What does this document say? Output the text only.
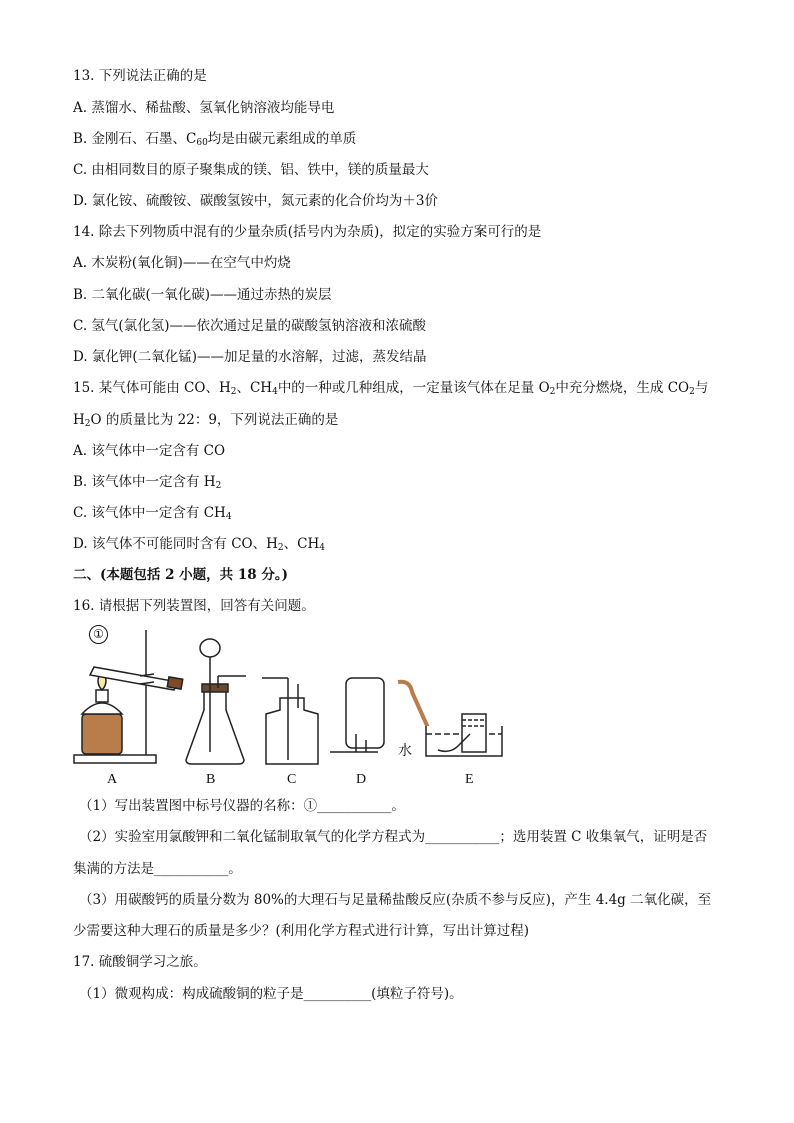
13. 下列说法正确的是
A. 蒸馏水、稀盐酸、氢氧化钠溶液均能导电
B. 金刚石、石墨、$C_{60}$均是由碳元素组成的单质
C. 由相同数目的原子聚集成的镁、铝、铁中，镁的质量最大
D. 氯化铵、硫酸铵、碳酸氢铵中，氮元素的化合价均为＋3价
14. 除去下列物质中混有的少量杂质(括号内为杂质)，拟定的实验方案可行的是
A. 木炭粉(氧化铜)——在空气中灼烧
B. 二氧化碳(一氧化碳)——通过赤热的炭层
C. 氢气(氯化氢)——依次通过足量的碳酸氢钠溶液和浓硫酸
D. 氯化钾(二氧化锰)——加足量的水溶解，过滤，蒸发结晶
15. 某气体可能由 CO、$H_2$、$CH_4$中的一种或几种组成，一定量该气体在足量 $O_2$中充分燃烧，生成 $CO_2$与
$H_2O$ 的质量比为 22：9，下列说法正确的是
A. 该气体中一定含有 CO
B. 该气体中一定含有 $H_2$
C. 该气体中一定含有 $CH_4$
D. 该气体不可能同时含有 CO、$H_2$、$CH_4$
二、(本题包括 2 小题，共 18 分。)
16. 请根据下列装置图，回答有关问题。
①
水
A	B	C	D	E
（1）写出装置图中标号仪器的名称：①___________。
（2）实验室用氯酸钾和二氧化锰制取氧气的化学方程式为___________；选用装置 C 收集氧气，证明是否
集满的方法是___________。
（3）用碳酸钙的质量分数为 80%的大理石与足量稀盐酸反应(杂质不参与反应)，产生 4.4g 二氧化碳，至
少需要这种大理石的质量是多少？(利用化学方程式进行计算，写出计算过程)
17. 硫酸铜学习之旅。
（1）微观构成：构成硫酸铜的粒子是__________(填粒子符号)。
